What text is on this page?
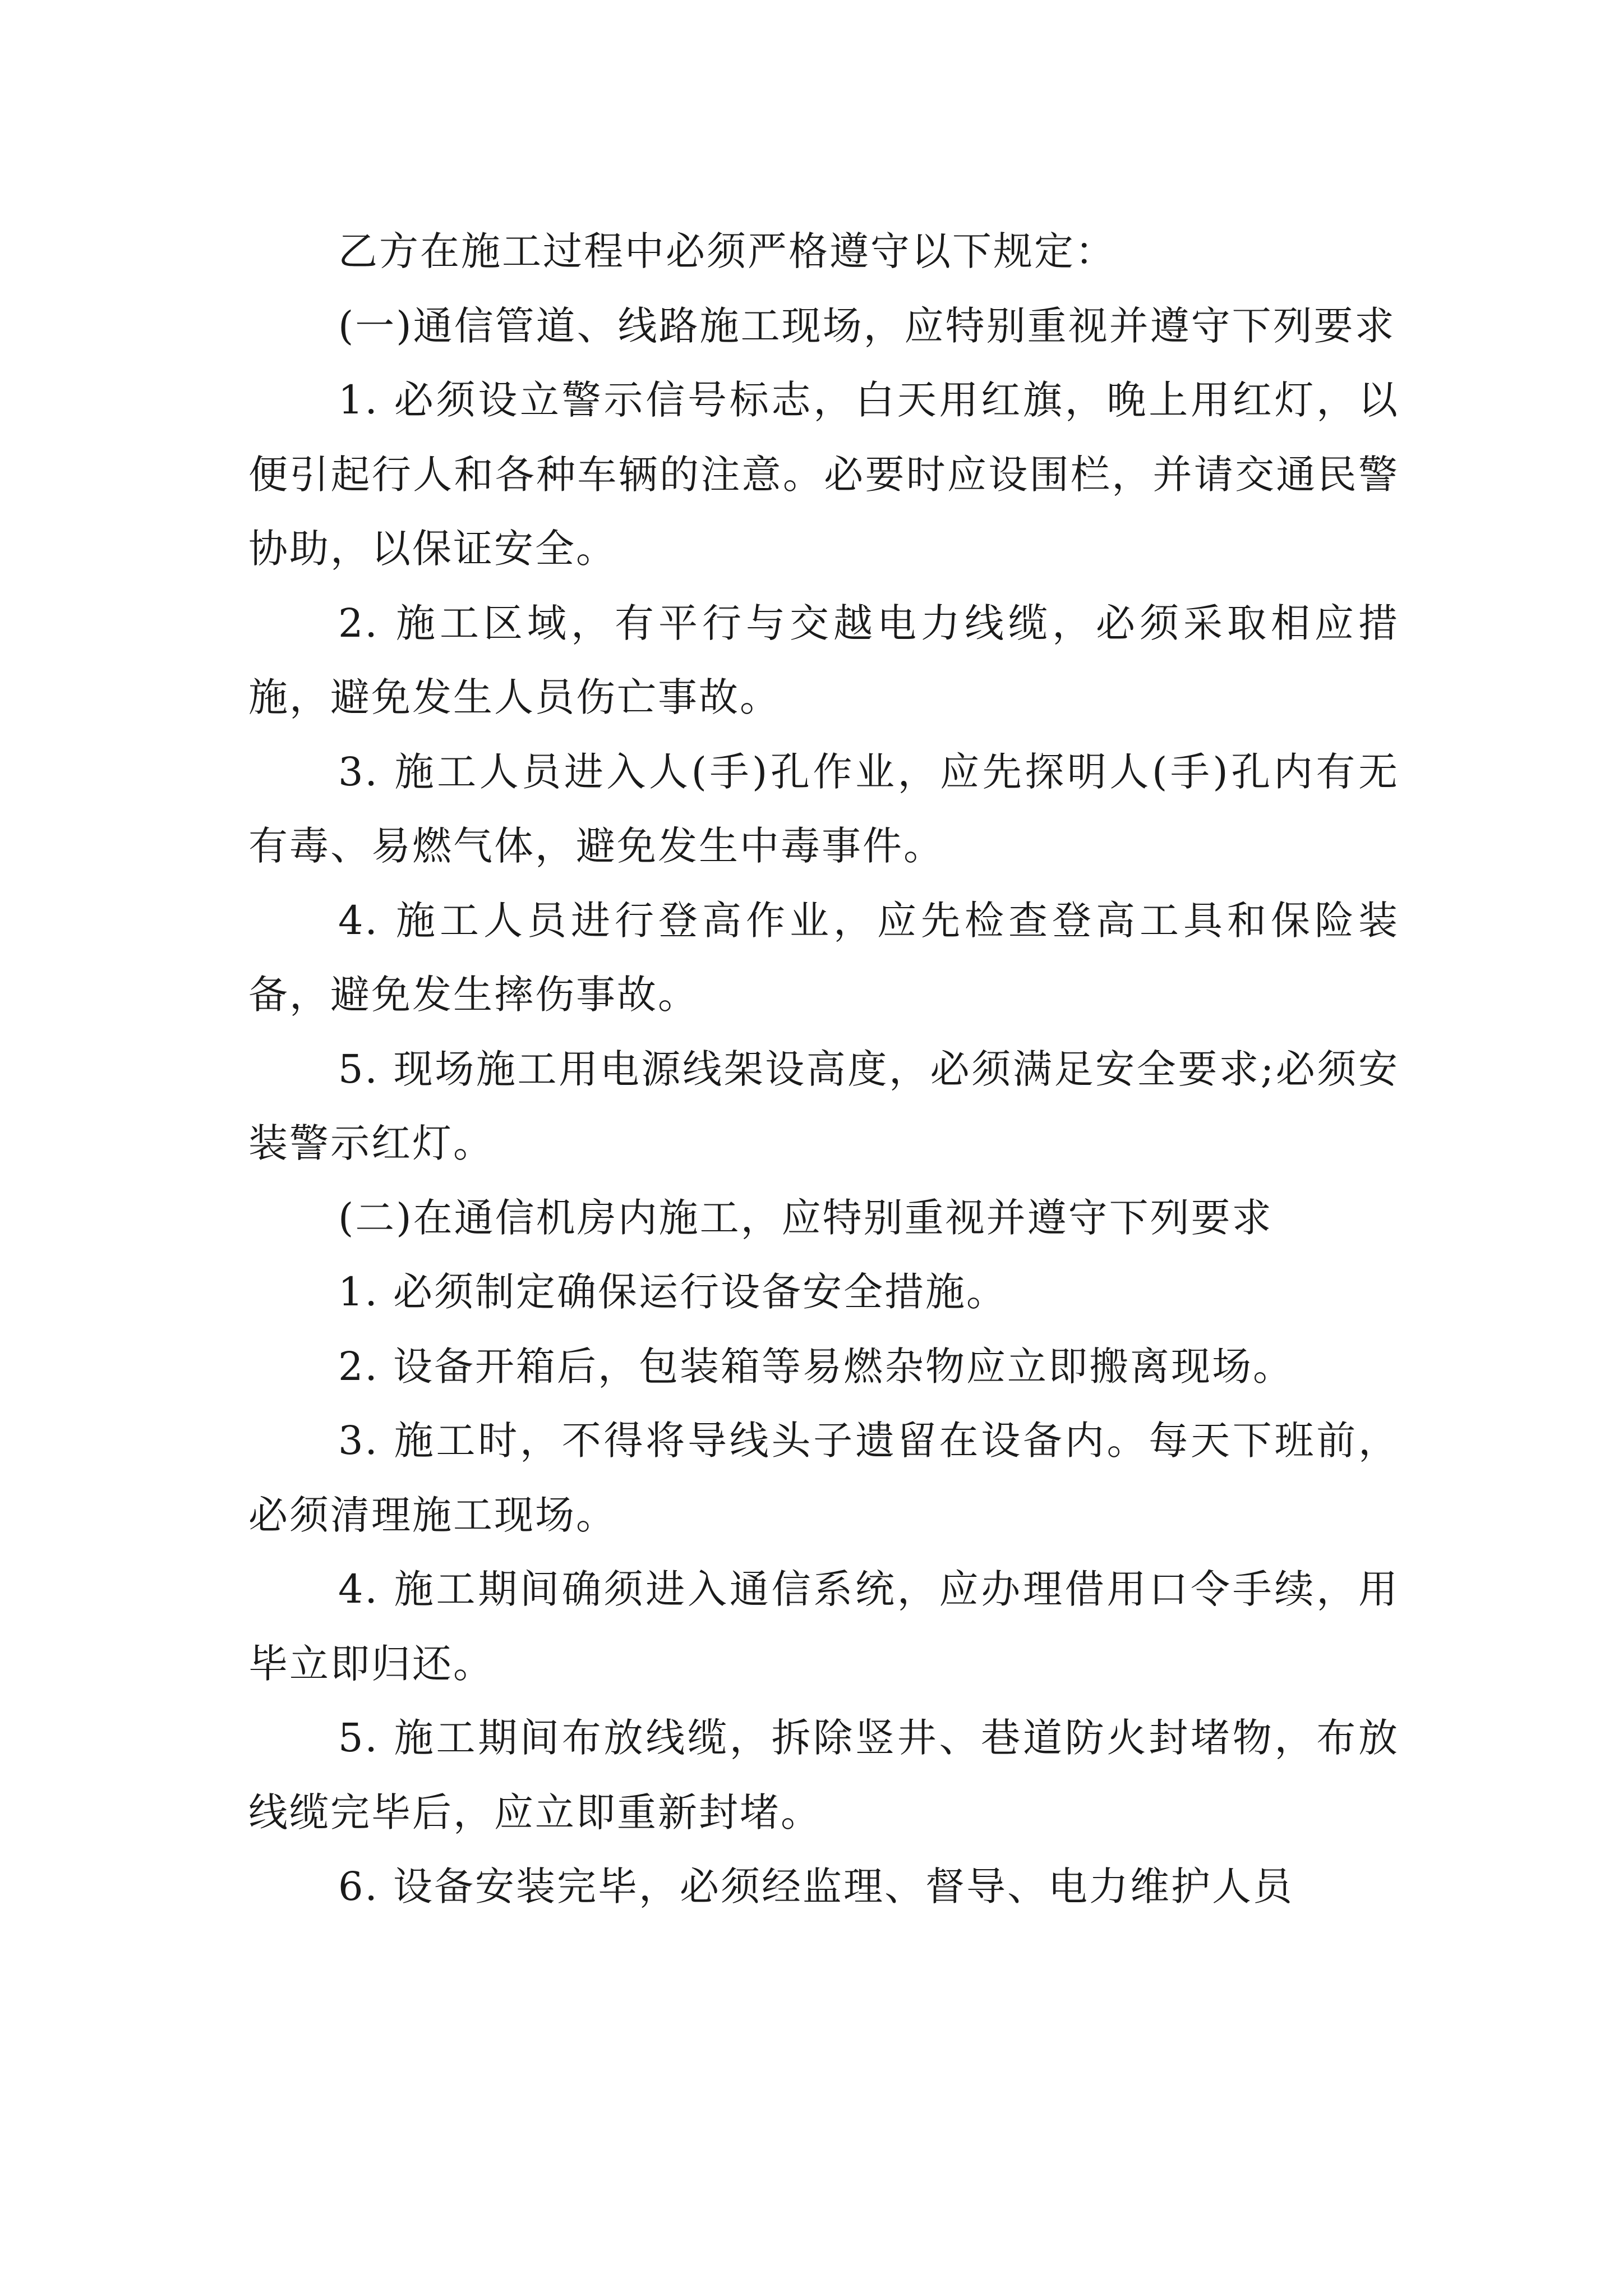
乙方在施工过程中必须严格遵守以下规定：

(一)通信管道、线路施工现场，应特别重视并遵守下列要求

1. 必须设立警示信号标志，白天用红旗，晚上用红灯，以便引起行人和各种车辆的注意。必要时应设围栏，并请交通民警协助，以保证安全。

2. 施工区域，有平行与交越电力线缆，必须采取相应措施，避免发生人员伤亡事故。

3. 施工人员进入人(手)孔作业，应先探明人(手)孔内有无有毒、易燃气体，避免发生中毒事件。

4. 施工人员进行登高作业，应先检查登高工具和保险装备，避免发生摔伤事故。

5. 现场施工用电源线架设高度，必须满足安全要求;必须安装警示红灯。

(二)在通信机房内施工，应特别重视并遵守下列要求

1. 必须制定确保运行设备安全措施。

2. 设备开箱后，包装箱等易燃杂物应立即搬离现场。

3. 施工时，不得将导线头子遗留在设备内。每天下班前，必须清理施工现场。

4. 施工期间确须进入通信系统，应办理借用口令手续，用毕立即归还。

5. 施工期间布放线缆，拆除竖井、巷道防火封堵物，布放线缆完毕后，应立即重新封堵。

6. 设备安装完毕，必须经监理、督导、电力维护人员
